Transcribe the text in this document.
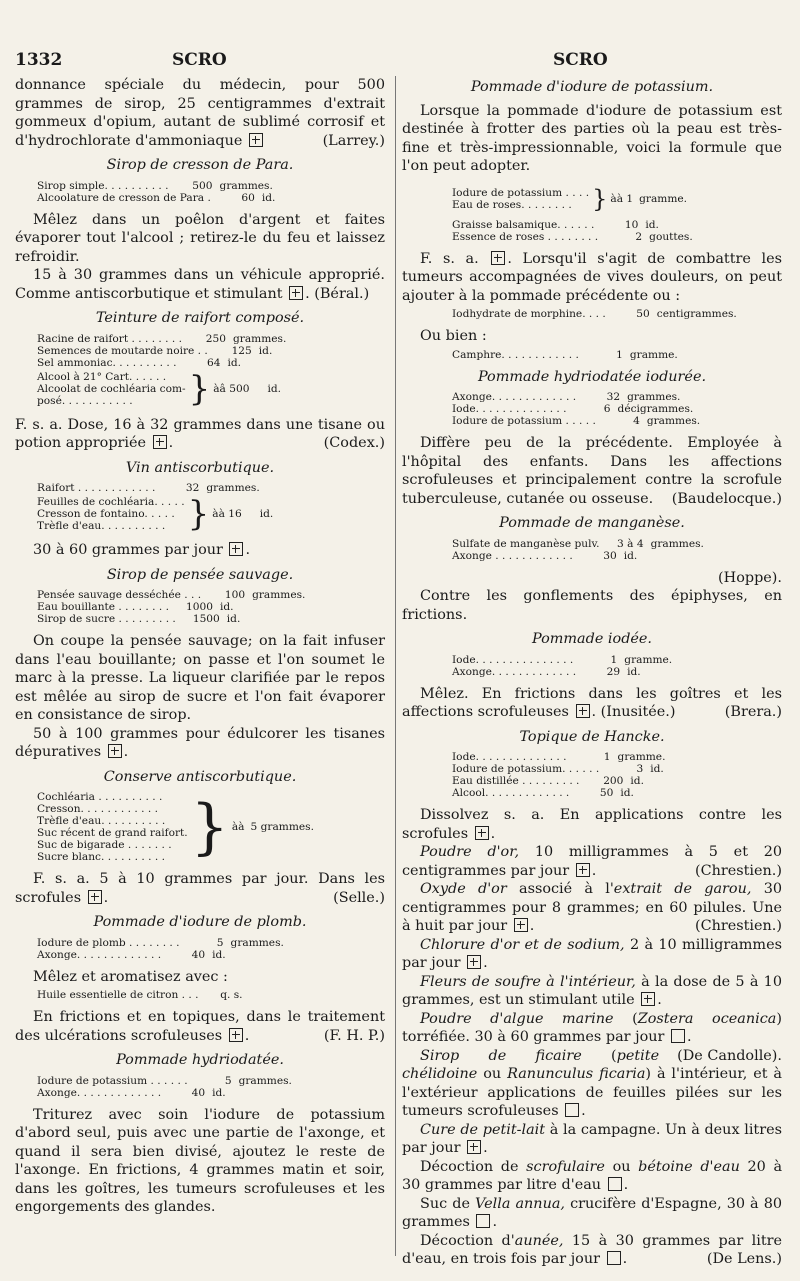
1332	SCRO	SCRO

donnance spéciale du médecin, pour 500 grammes de sirop, 25 centigrammes d'extrait gommeux d'opium, autant de sublimé corrosif et d'hydrochlorate d'ammoniaque	(Larrey.)

Sirop de cresson de Para.
Sirop simple. . . . . . . . . .	500 grammes.
Alcoolature de cresson de Para .	60 id.

Mêlez dans un poêlon d'argent et faites évaporer tout l'alcool ; retirez-le du feu et laissez refroidir.

15 à 30 grammes dans un véhicule approprié. Comme antiscorbutique et stimulant . (Béral.)

Teinture de raifort composé.
Racine de raifort . . . . . . . .	250 grammes.
Semences de moutarde noire . .	125 id.
Sel ammoniac. . . . . . . . . .	64 id.
Alcool à 21° Cart. . . . . .
Alcoolat de cochléaria com-
posé. . . . . . . . . . .	} àâ 500	id.

F. s. a. Dose, 16 à 32 grammes dans une tisane ou potion appropriée .	(Codex.)

Vin antiscorbutique.
Raifort . . . . . . . . . . . .	32 grammes.
Feuilles de cochléaria. . . . .
Cresson de fontaino. . . . .
Trèfle d'eau. . . . . . . . . . } àà 16	id.

30 à 60 grammes par jour .

Sirop de pensée sauvage.
Pensée sauvage desséchée . . .	100 grammes.
Eau bouillante . . . . . . . .	1000 id.
Sirop de sucre . . . . . . . . .	1500 id.

On coupe la pensée sauvage; on la fait infuser dans l'eau bouillante; on passe et l'on soumet le marc à la presse. La liqueur clarifiée par le repos est mêlée au sirop de sucre et l'on fait évaporer en consistance de sirop.

50 à 100 grammes pour édulcorer les tisanes dépuratives .

Conserve antiscorbutique.
Cochléaria . . . . . . . . . .
Cresson. . . . . . . . . . . .
Trèfle d'eau. . . . . . . . . .
Suc récent de grand raifort.
Suc de bigarade . . . . . . .
Sucre blanc. . . . . . . . . . } àà 5 grammes.

F. s. a. 5 à 10 grammes par jour. Dans les scrofules .	(Selle.)

Pommade d'iodure de plomb.
Iodure de plomb . . . . . . . .	5 grammes.
Axonge. . . . . . . . . . . . .	40 id.

Mêlez et aromatisez avec :

Huile essentielle de citron . . .	q. s.

En frictions et en topiques, dans le traitement des ulcérations scrofuleuses .	(F. H. P.)

Pommade hydriodatée.
Iodure de potassium . . . . . .	5 grammes.
Axonge. . . . . . . . . . . . .	40 id.

Triturez avec soin l'iodure de potassium d'abord seul, puis avec une partie de l'axonge, et quand il sera bien divisé, ajoutez le reste de l'axonge. En frictions, 4 grammes matin et soir, dans les goîtres, les tumeurs scrofuleuses et les engorgements des glandes.

Pommade d'iodure de potassium.

Lorsque la pommade d'iodure de potassium est destinée à frotter des parties où la peau est très-fine et très-impressionnable, voici la formule que l'on peut adopter.

Iodure de potassium . . . .
Eau de roses. . . . . . . . } àà 1 gramme.
Graisse balsamique. . . . . .	10 id.
Essence de roses . . . . . . . .	2 gouttes.

F. s. a. . Lorsqu'il s'agit de combattre les tumeurs accompagnées de vives douleurs, on peut ajouter à la pommade précédente ou :

Iodhydrate de morphine. . . .	50 centigrammes.

Ou bien :

Camphre. . . . . . . . . . . .	1 gramme.
Pommade hydriodatée iodurée.
Axonge. . . . . . . . . . . . .	32 grammes.
Iode. . . . . . . . . . . . . .	6 décigrammes.
Iodure de potassium . . . . .	4 grammes.

Diffère peu de la précédente. Employée à l'hôpital des enfants. Dans les affections scrofuleuses et principalement contre la scrofule tuberculeuse, cutanée ou osseuse.	(Baudelocque.)

Pommade de manganèse.
Sulfate de manganèse pulv.	3 à 4 grammes.
Axonge . . . . . . . . . . . .	30 id.

(Hoppe).

Contre les gonflements des épiphyses, en frictions.

Pommade iodée.
Iode. . . . . . . . . . . . . . .	1 gramme.
Axonge. . . . . . . . . . . . .	29 id.

Mêlez. En frictions dans les goîtres et les affections scrofuleuses . (Inusitée.)	(Brera.)

Topique de Hancke.
Iode. . . . . . . . . . . . . .	1 gramme.
Iodure de potassium. . . . . .	3 id.
Eau distillée . . . . . . . . .	200 id.
Alcool. . . . . . . . . . . . .	50 id.

Dissolvez s. a. En applications contre les scrofules .

Poudre d'or, 10 milligrammes à 5 et 20 centigrammes par jour .	(Chrestien.)

Oxyde d'or associé à l'extrait de garou, 30 centigrammes pour 8 grammes; en 60 pilules. Une à huit par jour .	(Chrestien.)

Chlorure d'or et de sodium, 2 à 10 milligrammes par jour .

Fleurs de soufre à l'intérieur, à la dose de 5 à 10 grammes, est un stimulant utile .

Poudre d'algue marine (Zostera oceanica) torréfiée. 30 à 60 grammes par jour .
(De Candolle).

Sirop de ficaire (petite chélidoine ou Ranunculus ficaria) à l'intérieur, et à l'extérieur applications de feuilles pilées sur les tumeurs scrofuleuses .

Cure de petit-lait à la campagne. Un à deux litres par jour .

Décoction de scrofulaire ou bétoine d'eau 20 à 30 grammes par litre d'eau .

Suc de Vella annua, crucifère d'Espagne, 30 à 80 grammes .

Décoction d'aunée, 15 à 30 grammes par litre d'eau, en trois fois par jour .	(De Lens.)
